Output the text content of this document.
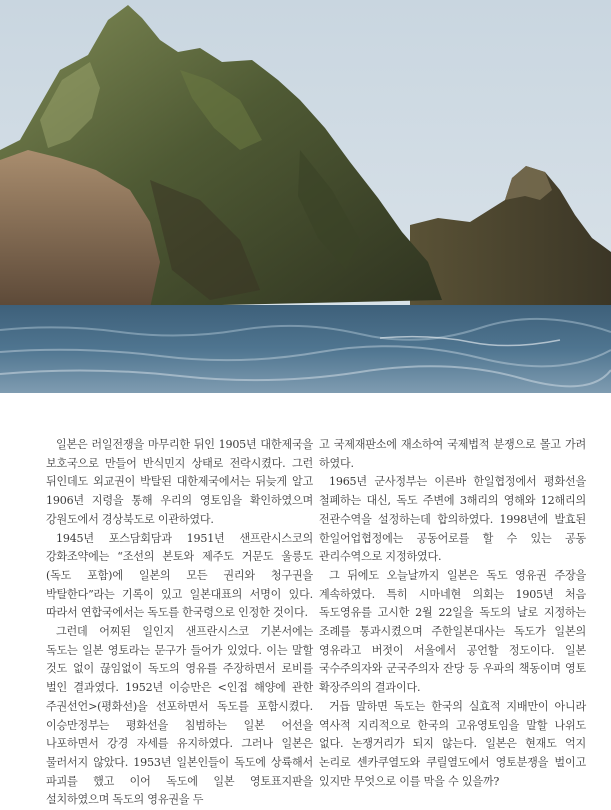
일본은 러일전쟁을 마무리한 뒤인 1905년 대한제국을 보호국으로 만들어 반식민지 상태로 전락시켰다. 그런 뒤인데도 외교권이 박탈된 대한제국에서는 뒤늦게 알고 1906년 지령을 통해 우리의 영토임을 확인하였으며 강원도에서 경상북도로 이관하였다.

1945년 포스담회담과 1951년 샌프란시스코의 강화조약에는 “조선의 본토와 제주도 거문도 울릉도(독도 포함)에 일본의 모든 권리와 청구권을 박탈한다”라는 기록이 있고 일본대표의 서명이 있다. 따라서 연합국에서는 독도를 한국령으로 인정한 것이다.

그런데 어찌된 일인지 샌프란시스코 기본서에는 독도는 일본 영토라는 문구가 들어가 있었다. 이는 말할 것도 없이 끊임없이 독도의 영유를 주장하면서 로비를 벌인 결과였다. 1952년 이승만은 <인접 해양에 관한 주권선언>(평화선)을 선포하면서 독도를 포함시켰다. 이승만정부는 평화선을 침범하는 일본 어선을 나포하면서 강경 자세를 유지하였다. 그러나 일본은 물러서지 않았다. 1953년 일본인들이 독도에 상륙해서 파괴를 했고 이어 독도에 일본 영토표지판을 설치하였으며 독도의 영유권을 두

고 국제재판소에 재소하여 국제법적 분쟁으로 몰고 가려 하였다.

1965년 군사정부는 이른바 한일협정에서 평화선을 철폐하는 대신, 독도 주변에 3해리의 영해와 12해리의 전관수역을 설정하는데 합의하였다. 1998년에 발효된 한일어업협정에는 공동어로를 할 수 있는 공동 관리수역으로 지정하였다.

그 뒤에도 오늘날까지 일본은 독도 영유권 주장을 계속하였다. 특히 시마네현 의회는 1905년 처음 독도영유를 고시한 2월 22일을 독도의 날로 지정하는 조례를 통과시켰으며 주한일본대사는 독도가 일본의 영유라고 버젓이 서울에서 공언할 정도이다. 일본 국수주의자와 군국주의자 잔당 등 우파의 책동이며 영토 확장주의의 결과이다.

거듭 말하면 독도는 한국의 실효적 지배만이 아니라 역사적 지리적으로 한국의 고유영토임을 말할 나위도 없다. 논쟁거리가 되지 않는다. 일본은 현재도 억지 논리로 센카쿠열도와 쿠릴열도에서 영토분쟁을 벌이고 있지만 무엇으로 이를 막을 수 있을까?
